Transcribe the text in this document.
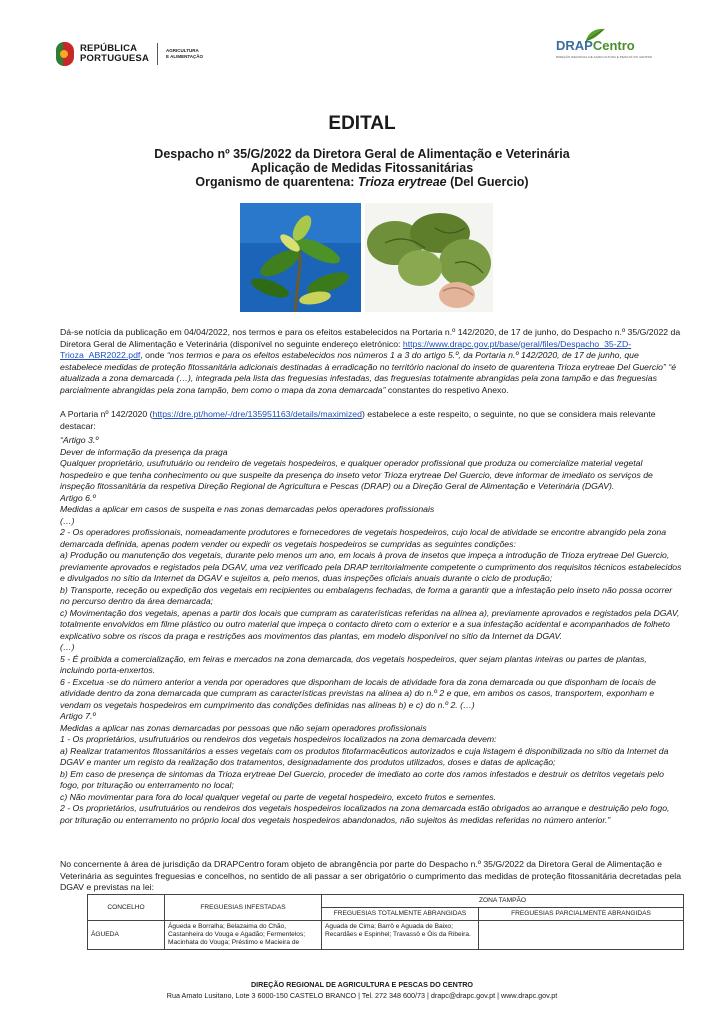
REPÚBLICA
PORTUGUESA
AGRICULTURA
E ALIMENTAÇÃO
DRAPCentro
DIREÇÃO REGIONAL DE AGRICULTURA E PESCAS DO CENTRO
EDITAL
Despacho nº 35/G/2022 da Diretora Geral de Alimentação e Veterinária
Aplicação de Medidas Fitossanitárias
Organismo de quarentena: Trioza erytreae (Del Guercio)

Dá-se notícia da publicação em 04/04/2022, nos termos e para os efeitos estabelecidos na Portaria n.º 142/2020, de 17 de junho, do Despacho n.º 35/G/2022 da Diretora Geral de Alimentação e Veterinária (disponível no seguinte endereço eletrónico: https://www.drapc.gov.pt/base/geral/files/Despacho_35-ZD-Trioza_ABR2022.pdf, onde “nos termos e para os efeitos estabelecidos nos números 1 a 3 do artigo 5.º, da Portaria n.º 142/2020, de 17 de junho, que estabelece medidas de proteção fitossanitária adicionais destinadas à erradicação no território nacional do inseto de quarentena Trioza erytreae Del Guercio” “é atualizada a zona demarcada (…), integrada pela lista das freguesias infestadas, das freguesias totalmente abrangidas pela zona tampão e das freguesias parcialmente abrangidas pela zona tampão, bem como o mapa da zona demarcada” constantes do respetivo Anexo.

A Portaria nº 142/2020 (https://dre.pt/home/-/dre/135951163/details/maximized) estabelece a este respeito, o seguinte, no que se considera mais relevante destacar:

“Artigo 3.º

Dever de informação da presença da praga

Qualquer proprietário, usufrutuário ou rendeiro de vegetais hospedeiros, e qualquer operador profissional que produza ou comercialize material vegetal hospedeiro e que tenha conhecimento ou que suspeite da presença do inseto vetor Trioza erytreae Del Guercio, deve informar de imediato os serviços de inspeção fitossanitária da respetiva Direção Regional de Agricultura e Pescas (DRAP) ou a Direção Geral de Alimentação e Veterinária (DGAV).

Artigo 6.º

Medidas a aplicar em casos de suspeita e nas zonas demarcadas pelos operadores profissionais

(…)

2 - Os operadores profissionais, nomeadamente produtores e fornecedores de vegetais hospedeiros, cujo local de atividade se encontre abrangido pela zona demarcada definida, apenas podem vender ou expedir os vegetais hospedeiros se cumpridas as seguintes condições:

a) Produção ou manutenção dos vegetais, durante pelo menos um ano, em locais à prova de insetos que impeça a introdução de Trioza erytreae Del Guercio, previamente aprovados e registados pela DGAV, uma vez verificado pela DRAP territorialmente competente o cumprimento dos requisitos técnicos estabelecidos e divulgados no sítio da Internet da DGAV e sujeitos a, pelo menos, duas inspeções oficiais anuais durante o ciclo de produção;

b) Transporte, receção ou expedição dos vegetais em recipientes ou embalagens fechadas, de forma a garantir que a infestação pelo inseto não possa ocorrer no percurso dentro da área demarcada;

c) Movimentação dos vegetais, apenas a partir dos locais que cumpram as caraterísticas referidas na alínea a), previamente aprovados e registados pela DGAV, totalmente envolvidos em filme plástico ou outro material que impeça o contacto direto com o exterior e a sua infestação acidental e acompanhados de folheto explicativo sobre os riscos da praga e restrições aos movimentos das plantas, em modelo disponível no sítio da Internet da DGAV.

(…)

5 - É proibida a comercialização, em feiras e mercados na zona demarcada, dos vegetais hospedeiros, quer sejam plantas inteiras ou partes de plantas, incluindo porta-enxertos.

6 - Excetua -se do número anterior a venda por operadores que disponham de locais de atividade fora da zona demarcada ou que disponham de locais de atividade dentro da zona demarcada que cumpram as características previstas na alínea a) do n.º 2 e que, em ambos os casos, transportem, exponham e vendam os vegetais hospedeiros em cumprimento das condições definidas nas alíneas b) e c) do n.º 2. (…)

Artigo 7.º

Medidas a aplicar nas zonas demarcadas por pessoas que não sejam operadores profissionais

1 - Os proprietários, usufrutuários ou rendeiros dos vegetais hospedeiros localizados na zona demarcada devem:

a) Realizar tratamentos fitossanitários a esses vegetais com os produtos fitofarmacêuticos autorizados e cuja listagem é disponibilizada no sítio da Internet da DGAV e manter um registo da realização dos tratamentos, designadamente dos produtos utilizados, doses e datas de aplicação;

b) Em caso de presença de sintomas da Trioza erytreae Del Guercio, proceder de imediato ao corte dos ramos infestados e destruir os detritos vegetais pelo fogo, por trituração ou enterramento no local;

c) Não movimentar para fora do local qualquer vegetal ou parte de vegetal hospedeiro, exceto frutos e sementes.

2 - Os proprietários, usufrutuários ou rendeiros dos vegetais hospedeiros localizados na zona demarcada estão obrigados ao arranque e destruição pelo fogo, por trituração ou enterramento no próprio local dos vegetais hospedeiros abandonados, não sujeitos às medidas referidas no número anterior.”

No concernente à área de jurisdição da DRAPCentro foram objeto de abrangência por parte do Despacho n.º 35/G/2022 da Diretora Geral de Alimentação e Veterinária as seguintes freguesias e concelhos, no sentido de ali passar a ser obrigatório o cumprimento das medidas de proteção fitossanitária decretadas pela DGAV e previstas na lei:
CONCELHO	FREGUESIAS INFESTADAS	ZONA TAMPÃO	
		FREGUESIAS TOTALMENTE ABRANGIDAS	FREGUESIAS PARCIALMENTE ABRANGIDAS
ÁGUEDA	Águeda e Borralha; Belazaima do Chão, Castanheira do Vouga e Agadão; Fermentelos; Macinhata do Vouga; Préstimo e Macieira de	Aguada de Cima; Barrô e Aguada de Baixo; Recardães e Espinhel; Travassô e Óis da Ribeira.	
DIREÇÃO REGIONAL DE AGRICULTURA E PESCAS DO CENTRO
Rua Amato Lusitano, Lote 3 6000-150 CASTELO BRANCO | Tel. 272 348 600/73 | drapc@drapc.gov.pt | www.drapc.gov.pt
